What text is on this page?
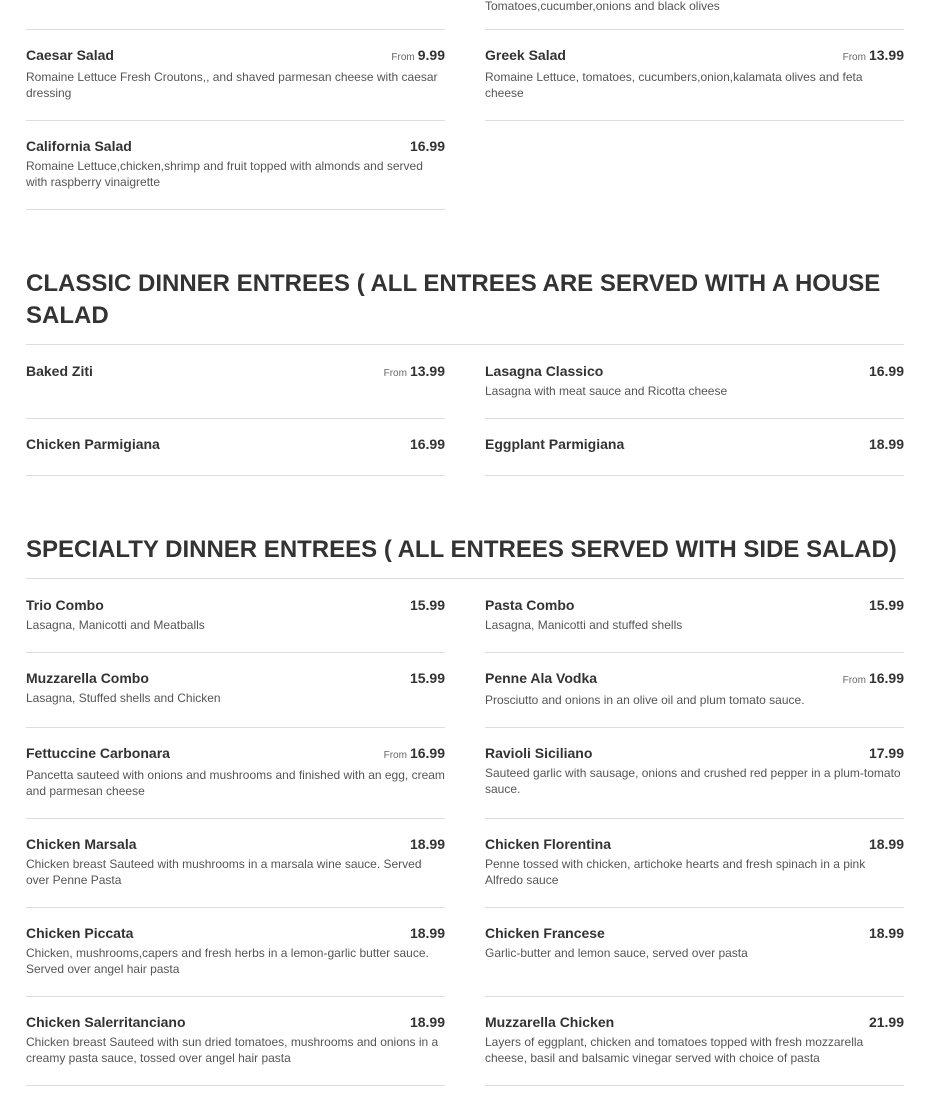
Tomatoes,cucumber,onions and black olives
Caesar Salad	From 9.99
Romaine Lettuce Fresh Croutons,, and shaved parmesan cheese with caesar dressing
California Salad	16.99
Romaine Lettuce,chicken,shrimp and fruit topped with almonds and served with raspberry vinaigrette
Greek Salad	From 13.99
Romaine Lettuce, tomatoes, cucumbers,onion,kalamata olives and feta cheese
CLASSIC DINNER ENTREES ( ALL ENTREES ARE SERVED WITH A HOUSE SALAD
Baked Ziti	From 13.99
Chicken Parmigiana	16.99
Lasagna Classico	16.99
Lasagna with meat sauce and Ricotta cheese
Eggplant Parmigiana	18.99
SPECIALTY DINNER ENTREES ( ALL ENTREES SERVED WITH SIDE SALAD)
Trio Combo	15.99
Lasagna, Manicotti and Meatballs
Muzzarella Combo	15.99
Lasagna, Stuffed shells and Chicken
Fettuccine Carbonara	From 16.99
Pancetta sauteed with onions and mushrooms and finished with an egg, cream and parmesan cheese
Chicken Marsala	18.99
Chicken breast Sauteed with mushrooms in a marsala wine sauce. Served over Penne Pasta
Chicken Piccata	18.99
Chicken, mushrooms,capers and fresh herbs in a lemon-garlic butter sauce. Served over angel hair pasta
Chicken Salerritanciano	18.99
Chicken breast Sauteed with sun dried tomatoes, mushrooms and onions in a creamy pasta sauce, tossed over angel hair pasta
Pasta Combo	15.99
Lasagna, Manicotti and stuffed shells
Penne Ala Vodka	From 16.99
Prosciutto and onions in an olive oil and plum tomato sauce.
Ravioli Siciliano	17.99
Sauteed garlic with sausage, onions and crushed red pepper in a plum-tomato sauce.
Chicken Florentina	18.99
Penne tossed with chicken, artichoke hearts and fresh spinach in a pink Alfredo sauce
Chicken Francese	18.99
Garlic-butter and lemon sauce, served over pasta
Muzzarella Chicken	21.99
Layers of eggplant, chicken and tomatoes topped with fresh mozzarella cheese, basil and balsamic vinegar served with choice of pasta
